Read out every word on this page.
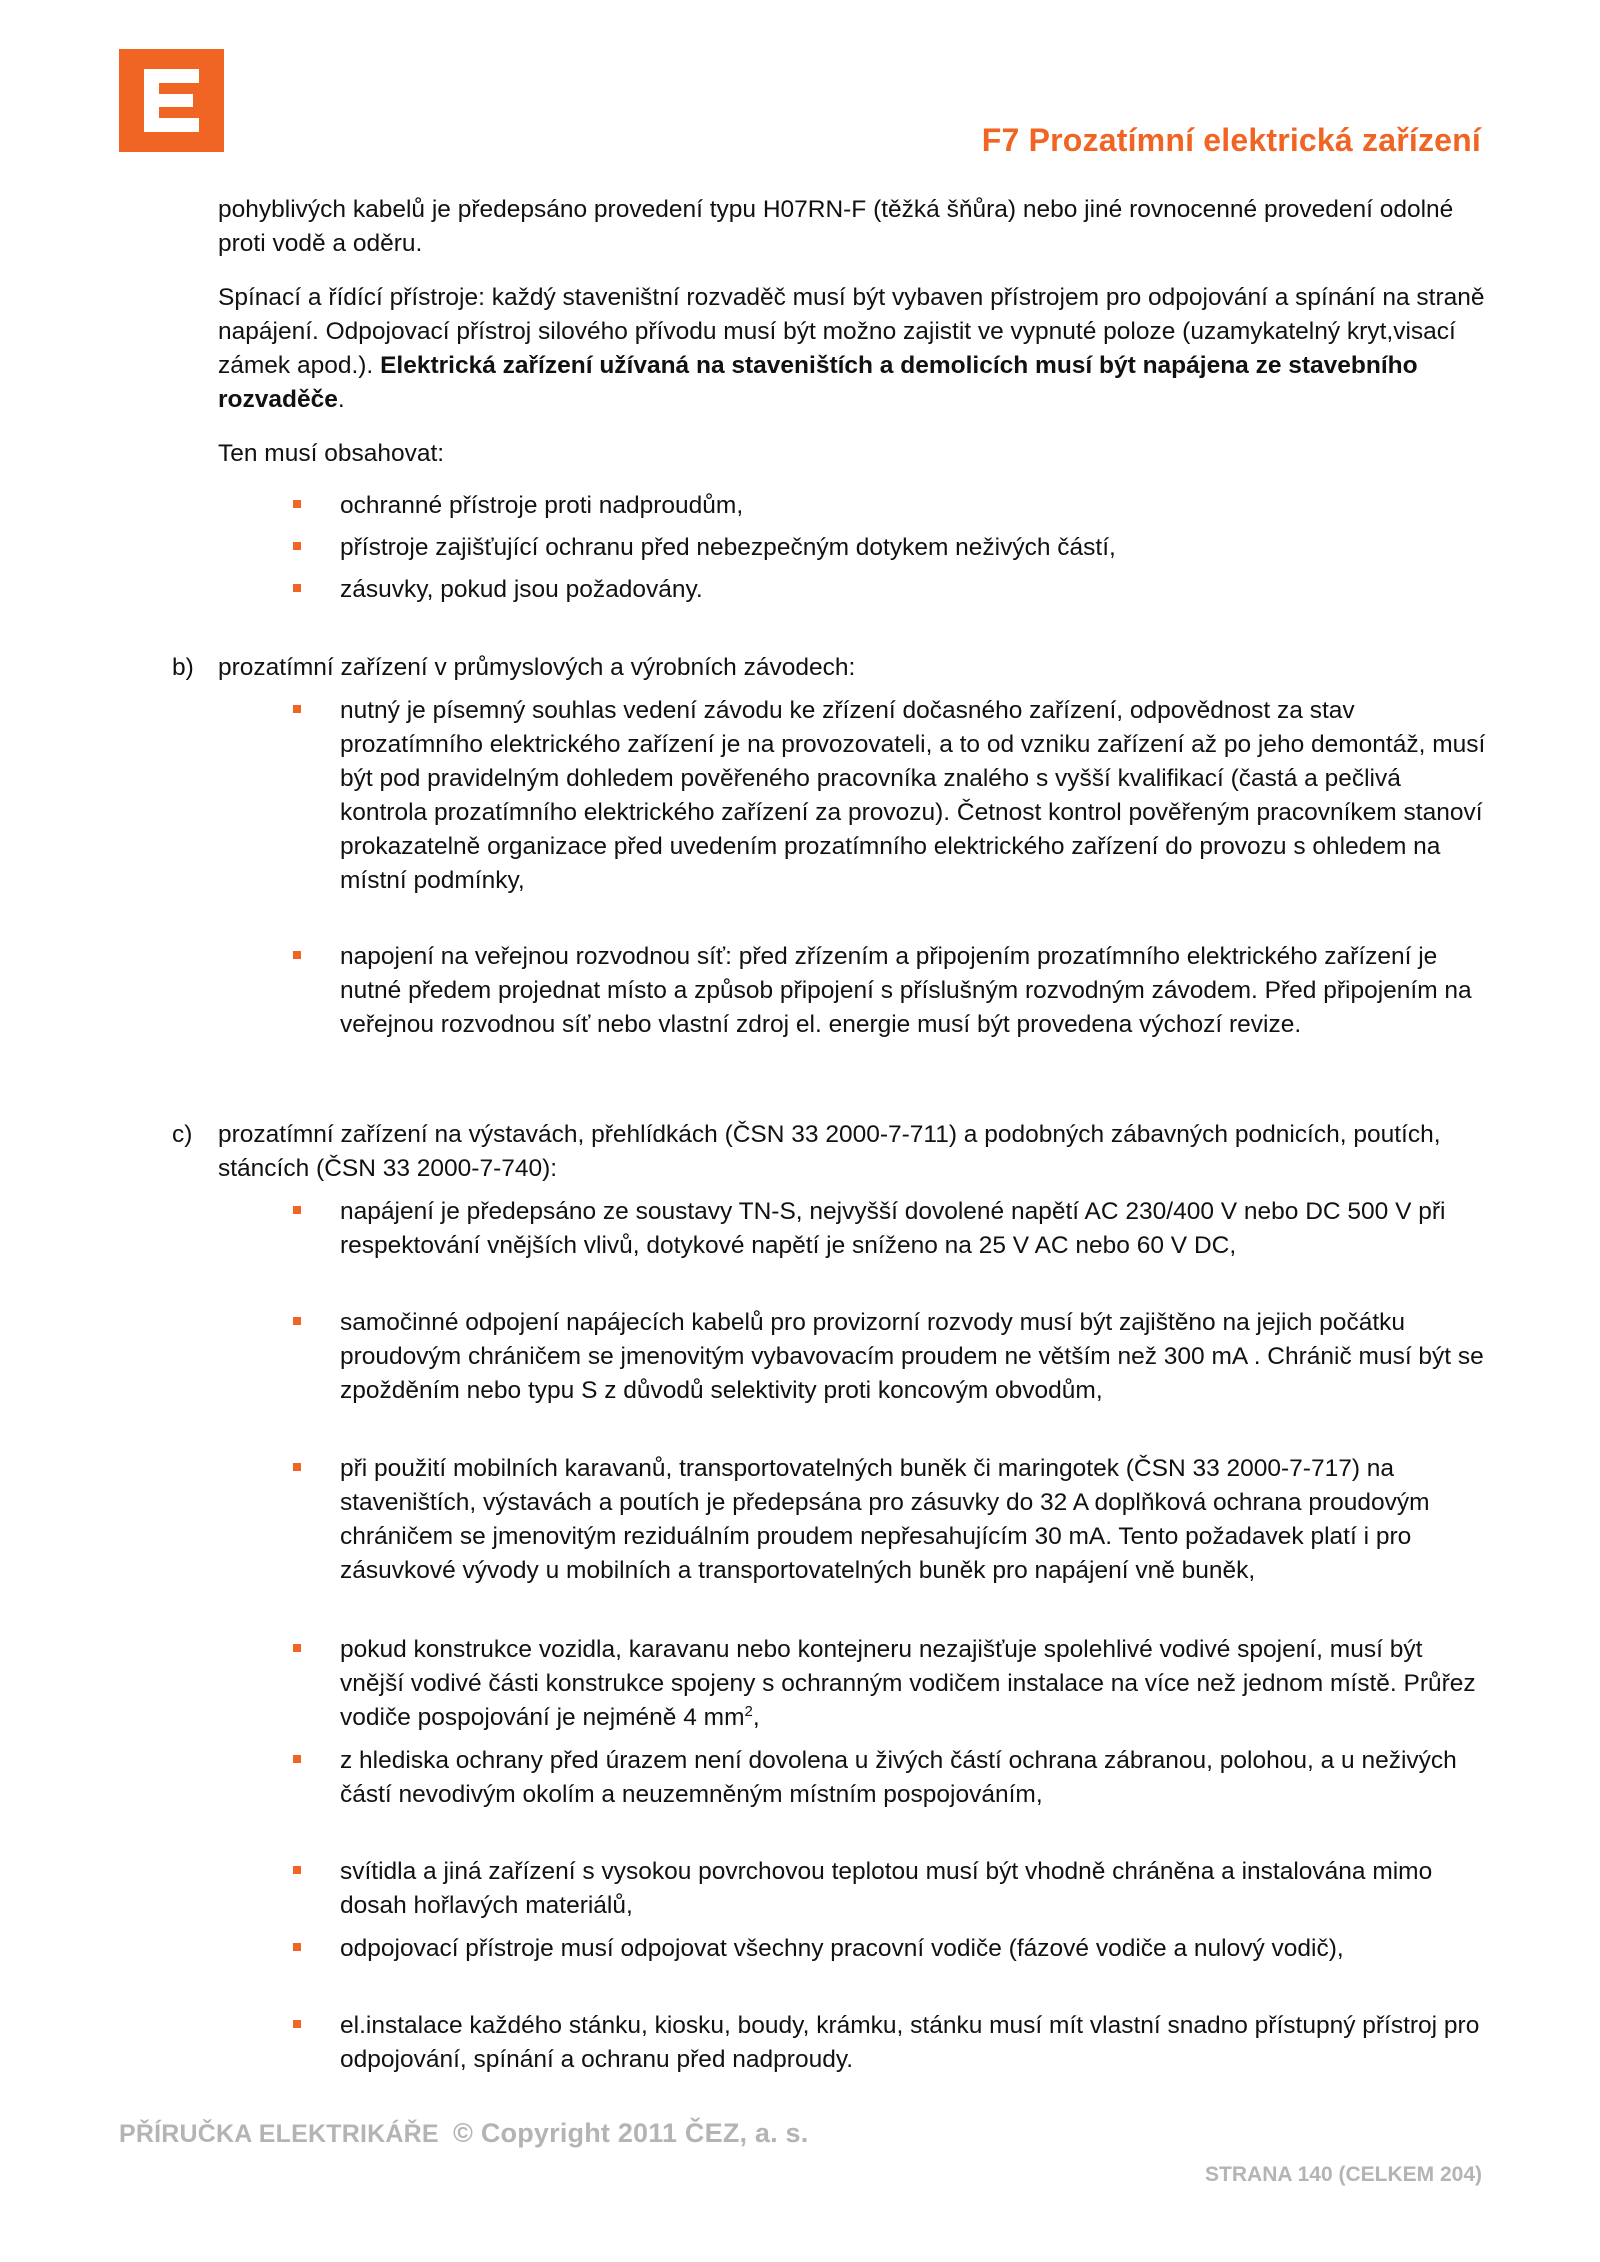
F7 Prozatímní elektrická zařízení
pohyblivých kabelů je předepsáno provedení typu H07RN-F (těžká šňůra) nebo jiné rovnocenné provedení odolné proti vodě a oděru.
Spínací a řídící přístroje: každý staveništní rozvaděč musí být vybaven přístrojem pro odpojování a spínání na straně napájení. Odpojovací přístroj silového přívodu musí být možno zajistit ve vypnuté poloze (uzamykatelný kryt,visací zámek apod.). Elektrická zařízení užívaná na staveništích a demolicích musí být napájena ze stavebního rozvaděče.
Ten musí obsahovat:
ochranné přístroje proti nadproudům,
přístroje zajišťující ochranu před nebezpečným dotykem neživých částí,
zásuvky, pokud jsou požadovány.
b) prozatímní zařízení v průmyslových a výrobních závodech:
nutný je písemný souhlas vedení závodu ke zřízení dočasného zařízení, odpovědnost za stav prozatímního elektrického zařízení je na provozovateli, a to od vzniku zařízení až po jeho demontáž, musí být pod pravidelným dohledem pověřeného pracovníka znalého s vyšší kvalifikací (častá a pečlivá kontrola prozatímního elektrického zařízení za provozu). Četnost kontrol pověřeným pracovníkem stanoví prokazatelně organizace před uvedením prozatímního elektrického zařízení do provozu s ohledem na místní podmínky,
napojení na veřejnou rozvodnou síť: před zřízením a připojením prozatímního elektrického zařízení je nutné předem projednat místo a způsob připojení s příslušným rozvodným závodem. Před připojením na veřejnou rozvodnou síť nebo vlastní zdroj el. energie musí být provedena výchozí revize.
c) prozatímní zařízení na výstavách, přehlídkách (ČSN 33 2000-7-711) a podobných zábavných podnicích, poutích, stáncích (ČSN 33 2000-7-740):
napájení je předepsáno ze soustavy TN-S, nejvyšší dovolené napětí AC 230/400 V nebo DC 500 V při respektování vnějších vlivů, dotykové napětí je sníženo na 25 V AC nebo 60 V DC,
samočinné odpojení napájecích kabelů pro provizorní rozvody musí být zajištěno na jejich počátku proudovým chráničem se jmenovitým vybavovacím proudem ne větším než 300 mA . Chránič musí být se zpožděním nebo typu S z důvodů selektivity proti koncovým obvodům,
při použití mobilních karavanů, transportovatelných buněk či maringotek (ČSN 33 2000-7-717) na staveništích, výstavách a poutích je předepsána pro zásuvky do 32 A doplňková ochrana proudovým chráničem se jmenovitým reziduálním proudem nepřesahujícím 30 mA. Tento požadavek platí i pro zásuvkové vývody u mobilních a transportovatelných buněk pro napájení vně buněk,
pokud konstrukce vozidla, karavanu nebo kontejneru nezajišťuje spolehlivé vodivé spojení, musí být vnější vodivé části konstrukce spojeny s ochranným vodičem instalace na více než jednom místě. Průřez vodiče pospojování je nejméně 4 $mm^2$,
z hlediska ochrany před úrazem není dovolena u živých částí ochrana zábranou, polohou, a u neživých částí nevodivým okolím a neuzemněným místním pospojováním,
svítidla a jiná zařízení s vysokou povrchovou teplotou musí být vhodně chráněna a instalována mimo dosah hořlavých materiálů,
odpojovací přístroje musí odpojovat všechny pracovní vodiče (fázové vodiče a nulový vodič),
el.instalace každého stánku, kiosku, boudy, krámku, stánku musí mít vlastní snadno přístupný přístroj pro odpojování, spínání a ochranu před nadproudy.
PŘÍRUČKA ELEKTRIKÁŘE © Copyright 2011 ČEZ, a. s.
STRANA 140 (CELKEM 204)
